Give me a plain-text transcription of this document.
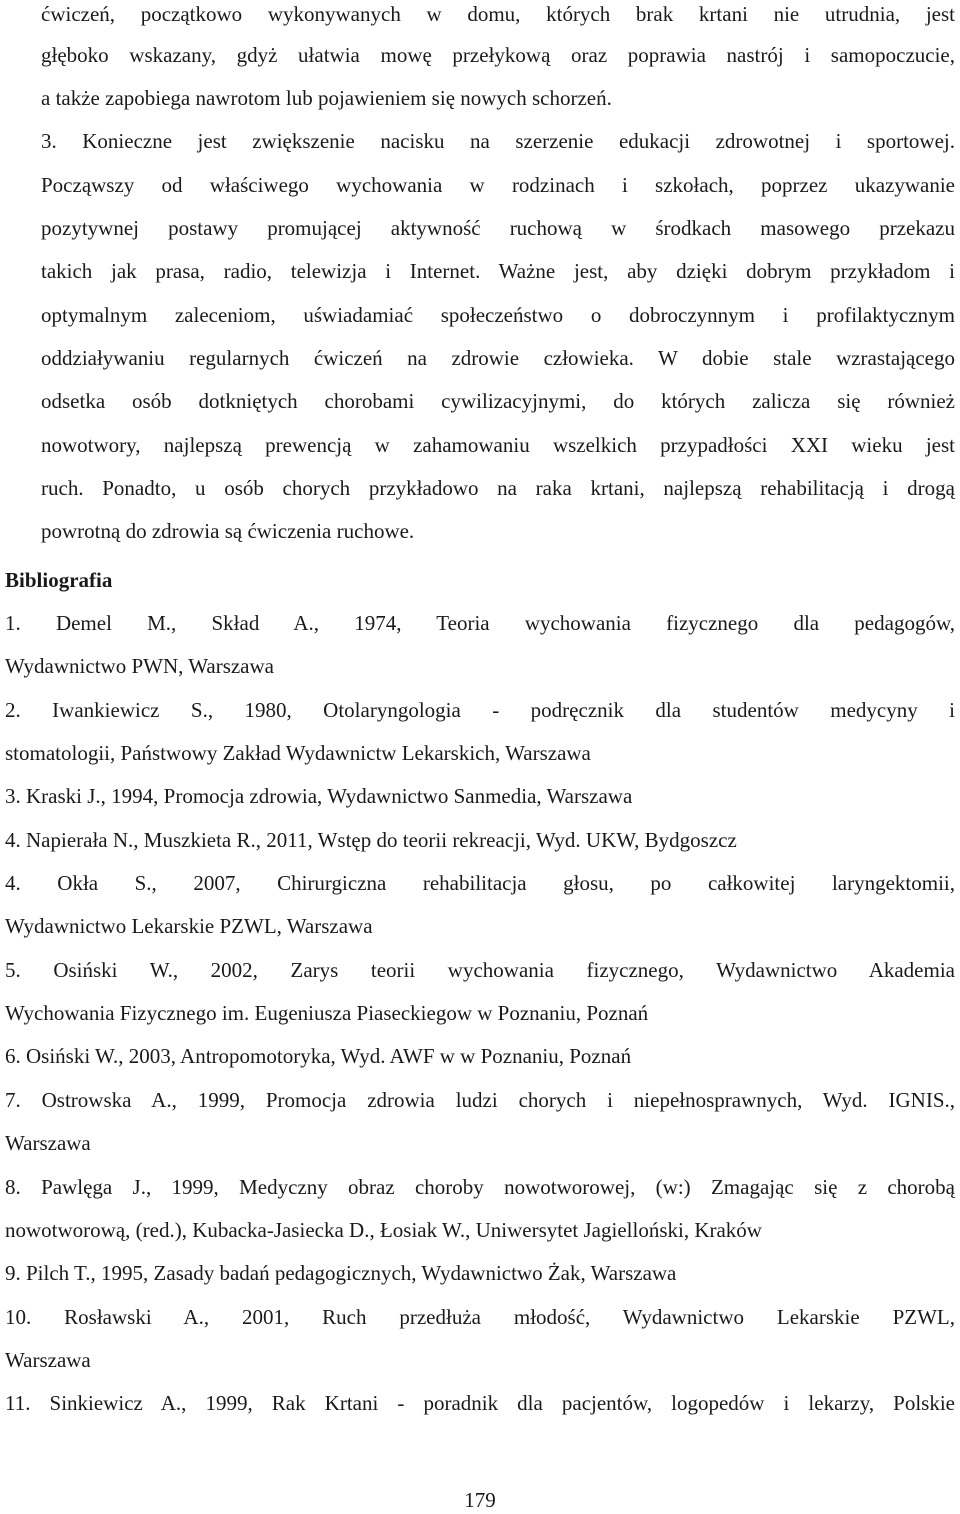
ćwiczeń, początkowo wykonywanych w domu, których brak krtani nie utrudnia, jest
głęboko wskazany, gdyż ułatwia mowę przełykową oraz poprawia nastrój i samopoczucie,
a także zapobiega nawrotom lub pojawieniem się nowych schorzeń.
3. Konieczne jest zwiększenie nacisku na szerzenie edukacji zdrowotnej i sportowej.
Począwszy od właściwego wychowania w rodzinach i szkołach, poprzez ukazywanie
pozytywnej postawy promującej aktywność ruchową w środkach masowego przekazu
takich jak prasa, radio, telewizja i Internet. Ważne jest, aby dzięki dobrym przykładom i
optymalnym zaleceniom, uświadamiać społeczeństwo o dobroczynnym i profilaktycznym
oddziaływaniu regularnych ćwiczeń na zdrowie człowieka. W dobie stale wzrastającego
odsetka osób dotkniętych chorobami cywilizacyjnymi, do których zalicza się również
nowotwory, najlepszą prewencją w zahamowaniu wszelkich przypadłości XXI wieku jest
ruch. Ponadto, u osób chorych przykładowo na raka krtani, najlepszą rehabilitacją i drogą
powrotną do zdrowia są ćwiczenia ruchowe.
Bibliografia
1. Demel M., Skład A., 1974, Teoria wychowania fizycznego dla pedagogów,
Wydawnictwo PWN, Warszawa
2. Iwankiewicz S., 1980, Otolaryngologia - podręcznik dla studentów medycyny i
stomatologii, Państwowy Zakład Wydawnictw Lekarskich, Warszawa
3. Kraski J., 1994, Promocja zdrowia, Wydawnictwo Sanmedia, Warszawa
4. Napierała N., Muszkieta R., 2011, Wstęp do teorii rekreacji, Wyd. UKW, Bydgoszcz
4. Okła S., 2007, Chirurgiczna rehabilitacja głosu, po całkowitej laryngektomii,
Wydawnictwo Lekarskie PZWL, Warszawa
5. Osiński W., 2002, Zarys teorii wychowania fizycznego, Wydawnictwo Akademia
Wychowania Fizycznego im. Eugeniusza Piaseckiegow w Poznaniu, Poznań
6. Osiński W., 2003, Antropomotoryka, Wyd. AWF w w Poznaniu, Poznań
7. Ostrowska A., 1999, Promocja zdrowia ludzi chorych i niepełnosprawnych, Wyd. IGNIS.,
Warszawa
8. Pawlęga J., 1999, Medyczny obraz choroby nowotworowej, (w:) Zmagając się z chorobą
nowotworową, (red.), Kubacka-Jasiecka D., Łosiak W., Uniwersytet Jagielloński, Kraków
9. Pilch T., 1995, Zasady badań pedagogicznych, Wydawnictwo Żak, Warszawa
10. Rosławski A., 2001, Ruch przedłuża młodość, Wydawnictwo Lekarskie PZWL,
Warszawa
11. Sinkiewicz A., 1999, Rak Krtani - poradnik dla pacjentów, logopedów i lekarzy, Polskie
179
